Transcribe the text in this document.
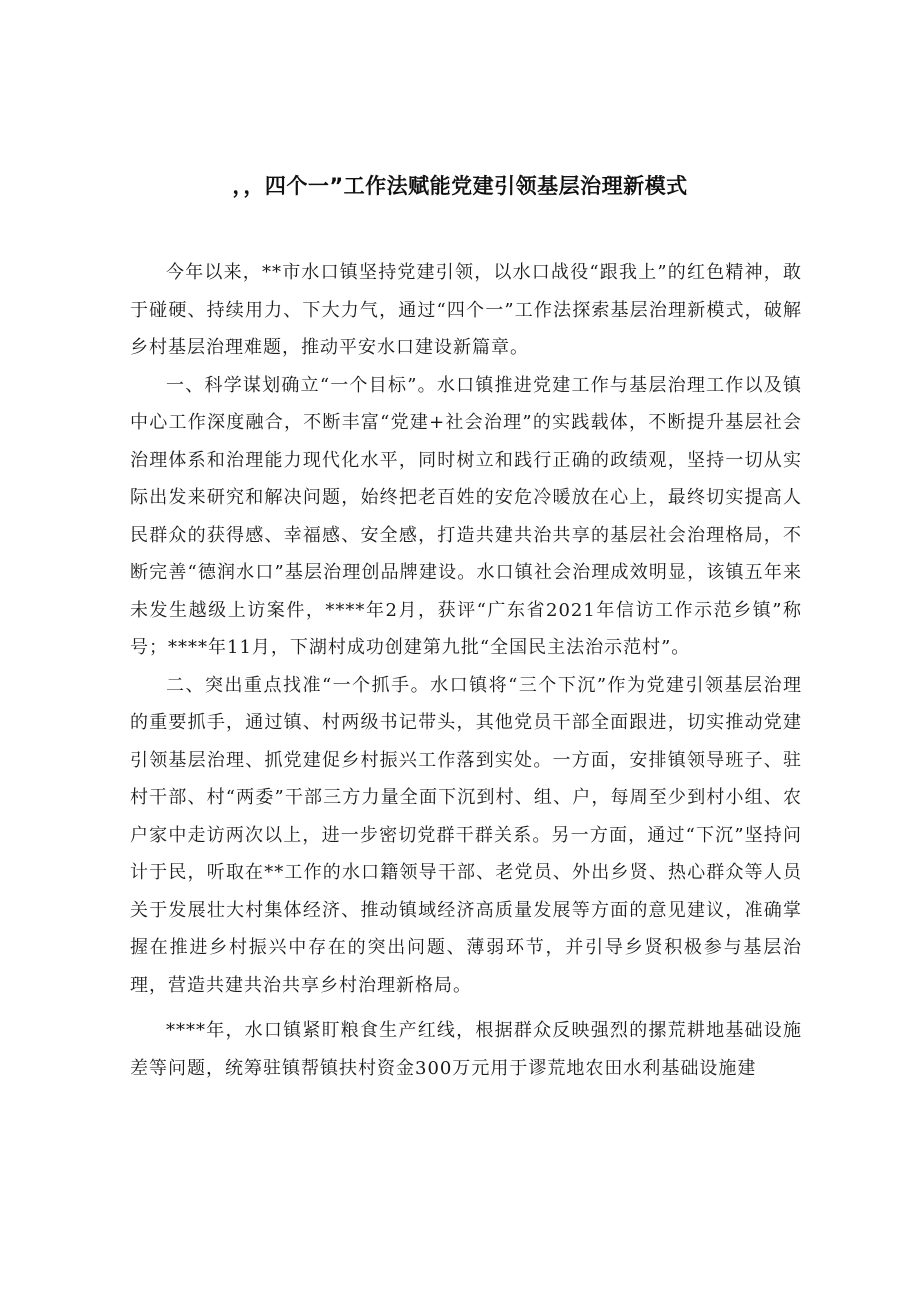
，，四个一”工作法赋能党建引领基层治理新模式

今年以来，**市水口镇坚持党建引领，以水口战役“跟我上”的红色精神，敢于碰硬、持续用力、下大力气，通过“四个一”工作法探索基层治理新模式，破解乡村基层治理难题，推动平安水口建设新篇章。

一、科学谋划确立“一个目标”。水口镇推进党建工作与基层治理工作以及镇中心工作深度融合，不断丰富“党建+社会治理”的实践载体，不断提升基层社会治理体系和治理能力现代化水平，同时树立和践行正确的政绩观，坚持一切从实际出发来研究和解决问题，始终把老百姓的安危冷暖放在心上，最终切实提高人民群众的获得感、幸福感、安全感，打造共建共治共享的基层社会治理格局，不断完善“德润水口”基层治理创品牌建设。水口镇社会治理成效明显，该镇五年来未发生越级上访案件，****年2月，获评“广东省2021年信访工作示范乡镇”称号；****年11月，下湖村成功创建第九批“全国民主法治示范村”。

二、突出重点找准“一个抓手。水口镇将“三个下沉”作为党建引领基层治理的重要抓手，通过镇、村两级书记带头，其他党员干部全面跟进，切实推动党建引领基层治理、抓党建促乡村振兴工作落到实处。一方面，安排镇领导班子、驻村干部、村“两委”干部三方力量全面下沉到村、组、户，每周至少到村小组、农户家中走访两次以上，进一步密切党群干群关系。另一方面，通过“下沉”坚持问计于民，听取在**工作的水口籍领导干部、老党员、外出乡贤、热心群众等人员关于发展壮大村集体经济、推动镇域经济高质量发展等方面的意见建议，准确掌握在推进乡村振兴中存在的突出问题、薄弱环节，并引导乡贤积极参与基层治理，营造共建共治共享乡村治理新格局。

****年，水口镇紧盯粮食生产红线，根据群众反映强烈的摞荒耕地基础设施差等问题，统筹驻镇帮镇扶村资金300万元用于谬荒地农田水利基础设施建
